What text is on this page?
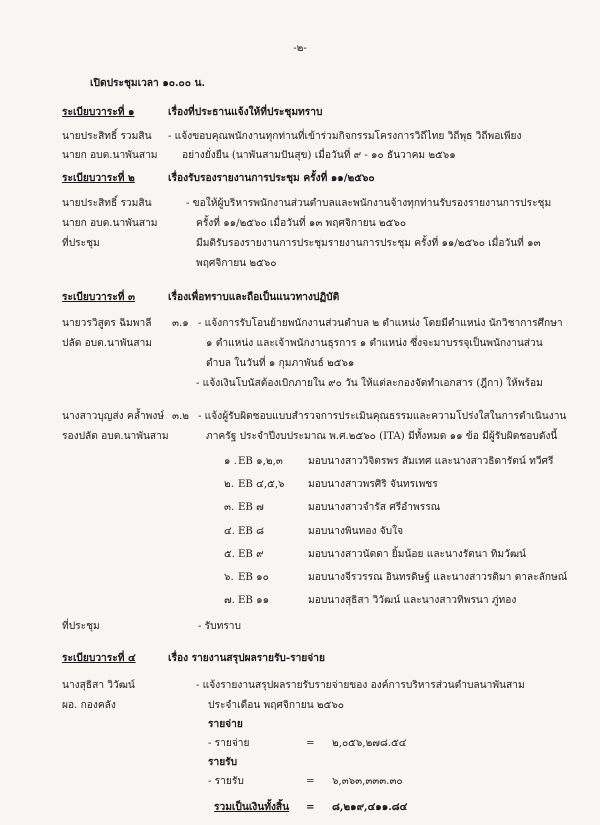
-๒-
เปิดประชุมเวลา ๑๐.๐๐ น.
ระเบียบวาระที่ ๑	เรื่องที่ประธานแจ้งให้ที่ประชุมทราบ
นายประสิทธิ์ รวมสิน
นายก อบต.นาพันสาม
- แจ้งขอบคุณพนักงานทุกท่านที่เข้าร่วมกิจกรรมโครงการวิถีไทย วิถีพุธ วิถีพอเพียง
อย่างยั่งยืน (นาพันสามปันสุข) เมื่อวันที่ ๙ - ๑๐ ธันวาคม ๒๕๖๑
ระเบียบวาระที่ ๒	เรื่องรับรองรายงานการประชุม ครั้งที่ ๑๑/๒๕๖๐
นายประสิทธิ์ รวมสิน
นายก อบต.นาพันสาม
ที่ประชุม
- ขอให้ผู้บริหารพนักงานส่วนตำบลและพนักงานจ้างทุกท่านรับรองรายงานการประชุม
ครั้งที่ ๑๑/๒๕๖๐ เมื่อวันที่ ๑๓ พฤศจิกายน ๒๕๖๐
มีมติรับรองรายงานการประชุมรายงานการประชุม ครั้งที่ ๑๑/๒๕๖๐ เมื่อวันที่ ๑๓
พฤศจิกายน ๒๕๖๐
ระเบียบวาระที่ ๓	เรื่องเพื่อทราบและถือเป็นแนวทางปฏิบัติ
นายวรวิสูตร ฉิมพาลี
ปลัด อบต.นาพันสาม
๓.๑ - แจ้งการรับโอนย้ายพนักงานส่วนตำบล ๒ ตำแหน่ง โดยมีตำแหน่ง นักวิชาการศึกษา
๑ ตำแหน่ง และเจ้าพนักงานธุรการ ๑ ตำแหน่ง ซึ่งจะมาบรรจุเป็นพนักงานส่วน
ตำบล ในวันที่ ๑ กุมภาพันธ์ ๒๕๖๑
- แจ้งเงินโบนัสต้องเบิกภายใน ๙๐ วัน ให้แต่ละกองจัดทำเอกสาร (ฎีกา) ให้พร้อม
นางสาวบุญส่ง คล้ำพงษ์
รองปลัด อบต.นาพันสาม
๓.๒ - แจ้งผู้รับผิดชอบแบบสำรวจการประเมินคุณธรรมและความโปร่งใสในการดำเนินงาน
ภาครัฐ ประจำปีงบประมาณ พ.ศ.๒๕๖๐ (ITA) มีทั้งหมด ๑๑ ข้อ มีผู้รับผิดชอบดังนี้
๑ . EB ๑,๒,๓ มอบนางสาววิจิตรพร สัมเทศ และนางสาวธิดารัตน์ ทวีศรี
๒. EB ๔,๕,๖ มอบนางสาวพรศิริ จันทรเพชร
๓. EB ๗	มอบนางสาวจำรัส ศรีอำพรรณ
๔. EB ๘	มอบนางพินทอง จับใจ
๕. EB ๙	มอบนางสาวนัดดา ยิ้มน้อย และนางรัตนา ทิมวัฒน์
๖. EB ๑๐	มอบนางจีรวรรณ อินทรดิษฐ์ และนางสาวรติมา ตาละลักษณ์
๗. EB ๑๑	มอบนางสุธิสา วิวัฒน์ และนางสาวทิพรนา ภู่ทอง
ที่ประชุม	- รับทราบ
ระเบียบวาระที่ ๔	เรื่อง รายงานสรุปผลรายรับ-รายจ่าย
นางสุธิสา วิวัฒน์
ผอ. กองคลัง
- แจ้งรายงานสรุปผลรายรับรายจ่ายของ องค์การบริหารส่วนตำบลนาพันสาม
ประจำเดือน พฤศจิกายน ๒๕๖๐
รายจ่าย
- รายจ่าย	= ๒,๐๕๖,๒๗๘.๕๔
รายรับ
- รายรับ	= ๖,๓๖๓,๓๓๓.๓๐
รวมเป็นเงินทั้งสิ้น = ๘,๒๑๙,๔๑๑.๘๔
